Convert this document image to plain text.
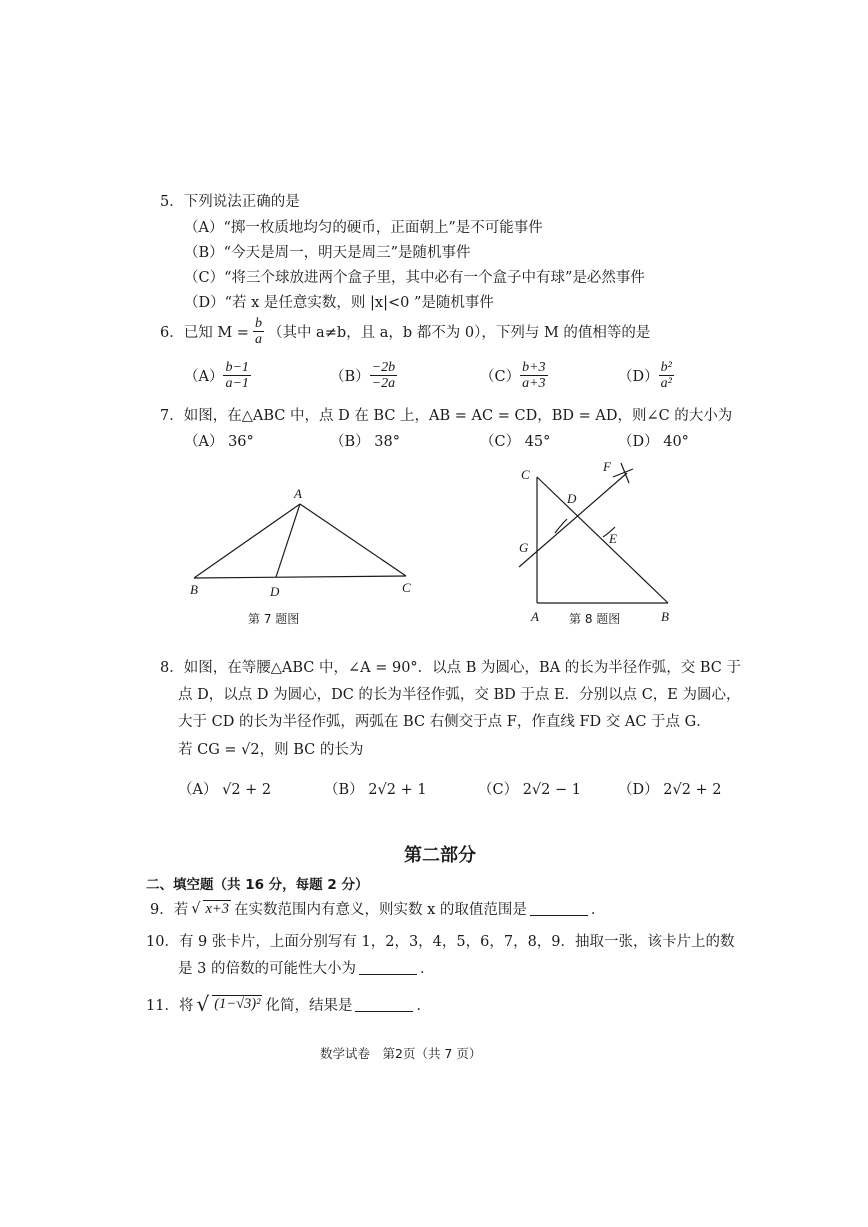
5．下列说法正确的是
（A）“掷一枚质地均匀的硬币，正面朝上”是不可能事件
（B）“今天是周一，明天是周三”是随机事件
（C）“将三个球放进两个盒子里，其中必有一个盒子中有球”是必然事件
（D）“若 x 是任意实数，则 |x|<0 ”是随机事件
6．已知 $M = \frac{b}{a}$ （其中 a≠b，且 a，b 都不为 0），下列与 M 的值相等的是
$(A) \frac{b-1}{a-1}$	$(B) \frac{-2b}{-2a}$	$(C) \frac{b+3}{a+3}$	$(D) \frac{\text{b²}}{\text{a²}}$
7．如图，在△ABC 中，点 D 在 BC 上，AB = AC = CD，BD = AD，则∠C 的大小为
（A） 36°	（B） 38°	（C） 45°	（D） 40°
A
B	C
D
第 7 题图
C
F
D
E
G
A	B
第 8 题图
8．如图，在等腰△ABC 中，∠A = 90°．以点 B 为圆心，BA 的长为半径作弧，交 BC 于
点 D，以点 D 为圆心，DC 的长为半径作弧，交 BD 于点 E．分别以点 C，E 为圆心，
大于 CD 的长为半径作弧，两弧在 BC 右侧交于点 F，作直线 FD 交 AC 于点 G．
若 CG = √2，则 BC 的长为
（A） √2 + 2	（B） 2√2 + 1	（C） 2√2 − 1	（D） 2√2 + 2
第二部分
二、填空题（共 16 分，每题 2 分）
9．若 √ x+3 在实数范围内有意义，则实数 x 的取值范围是	．
10．有 9 张卡片，上面分别写有 1，2，3，4，5，6，7，8，9．抽取一张，该卡片上的数
是 3 的倍数的可能性大小为	．
11．将 √ (1−√3)² 化简，结果是	．
数学试卷　第2页（共 7 页）
